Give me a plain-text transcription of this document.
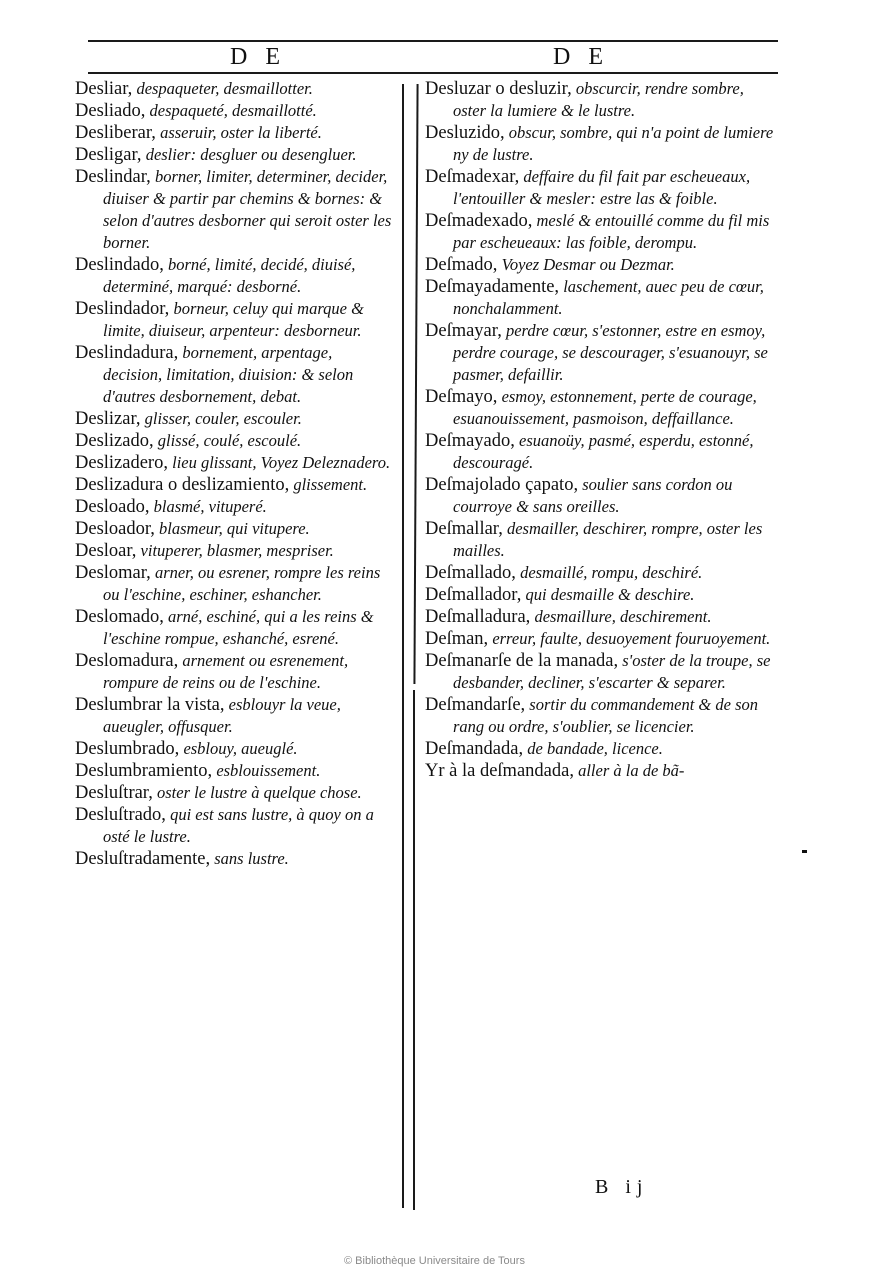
D E	D E
Desliar, despaqueter, desmaillotter.
Desliado, despaqueté, desmaillotté.
Desliberar, asseruir, oster la liberté.
Desligar, deslier: desgluer ou desengluer.
Deslindar, borner, limiter, determiner, decider, diuiser & partir par chemins & bornes: & selon d'autres desborner qui seroit oster les borner.
Deslindado, borné, limité, decidé, diuisé, determiné, marqué: desborné.
Deslindador, borneur, celuy qui marque & limite, diuiseur, arpenteur: desborneur.
Deslindadura, bornement, arpentage, decision, limitation, diuision: & selon d'autres desbornement, debat.
Deslizar, glisser, couler, escouler.
Deslizado, glissé, coulé, escoulé.
Deslizadero, lieu glissant, Voyez Deleznadero.
Deslizadura o deslizamiento, glissement.
Desloado, blasmé, vituperé.
Desloador, blasmeur, qui vitupere.
Desloar, vituperer, blasmer, mespriser.
Deslomar, arner, ou esrener, rompre les reins ou l'eschine, eschiner, eshancher.
Deslomado, arné, eschiné, qui a les reins & l'eschine rompue, eshanché, esrené.
Deslomadura, arnement ou esrenement, rompure de reins ou de l'eschine.
Deslumbrar la vista, esblouyr la veue, aueugler, offusquer.
Deslumbrado, esblouy, aueuglé.
Deslumbramiento, esblouissement.
Desluſtrar, oster le lustre à quelque chose.
Desluſtrado, qui est sans lustre, à quoy on a osté le lustre.
Desluſtradamente, sans lustre.
Desluzar o desluzir, obscurcir, rendre sombre, oster la lumiere & le lustre.
Desluzido, obscur, sombre, qui n'a point de lumiere ny de lustre.
Deſmadexar, deffaire du fil fait par escheueaux, l'entouiller & mesler: estre las & foible.
Deſmadexado, meslé & entouillé comme du fil mis par escheueaux: las foible, derompu.
Deſmado, Voyez Desmar ou Dezmar.
Deſmayadamente, laschement, auec peu de cœur, nonchalamment.
Deſmayar, perdre cœur, s'estonner, estre en esmoy, perdre courage, se descourager, s'esuanouyr, se pasmer, defaillir.
Deſmayo, esmoy, estonnement, perte de courage, esuanouissement, pasmoison, deffaillance.
Deſmayado, esuanoüy, pasmé, esperdu, estonné, descouragé.
Deſmajolado çapato, soulier sans cordon ou courroye & sans oreilles.
Deſmallar, desmailler, deschirer, rompre, oster les mailles.
Deſmallado, desmaillé, rompu, deschiré.
Deſmallador, qui desmaille & deschire.
Deſmalladura, desmaillure, deschirement.
Deſman, erreur, faulte, desuoyement fouruoyement.
Deſmanarſe de la manada, s'oster de la troupe, se desbander, decliner, s'escarter & separer.
Deſmandarſe, sortir du commandement & de son rang ou ordre, s'oublier, se licencier.
Deſmandada, de bandade, licence.
Yr à la deſmandada, aller à la de bã-
B ij
© Bibliothèque Universitaire de Tours
